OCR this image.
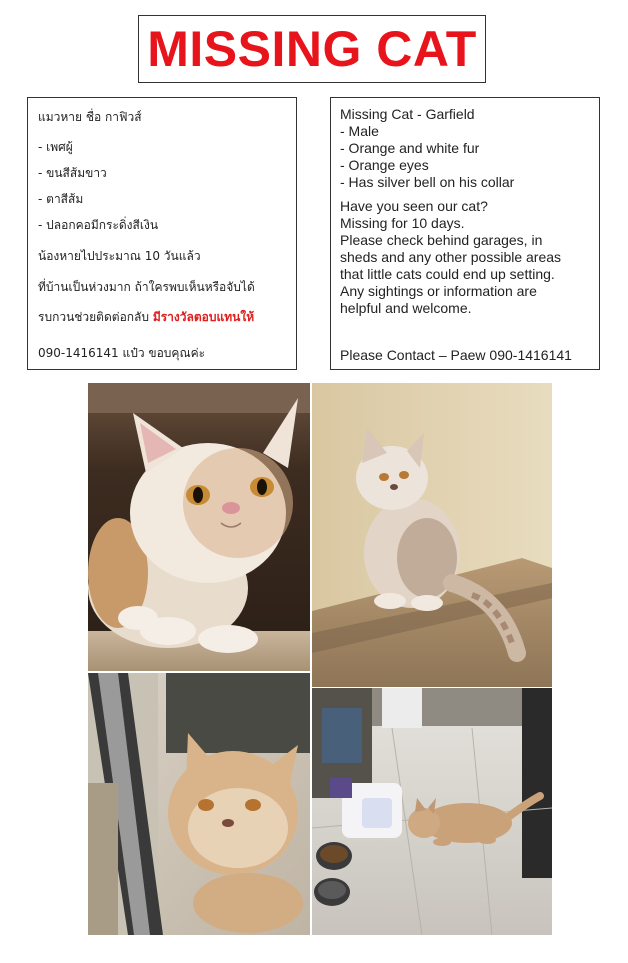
MISSING CAT
แมวหาย ชื่อ กาฟิวส์
- เพศผู้
- ขนสีส้มขาว
- ตาสีส้ม
- ปลอกคอมีกระดิ่งสีเงิน
น้องหายไปประมาณ 10 วันแล้ว
ที่บ้านเป็นห่วงมาก ถ้าใครพบเห็นหรือจับได้
รบกวนช่วยติดต่อกลับ มีรางวัลตอบแทนให้
090-1416141 แป๋ว ขอบคุณค่ะ
Missing Cat - Garfield
- Male
- Orange and white fur
- Orange eyes
- Has silver bell on his collar
Have you seen our cat?
Missing for 10 days.
Please check behind garages, in
sheds and any other possible areas
that little cats could end up setting.
Any sightings or information are
helpful and welcome.
Please Contact – Paew 090-1416141
